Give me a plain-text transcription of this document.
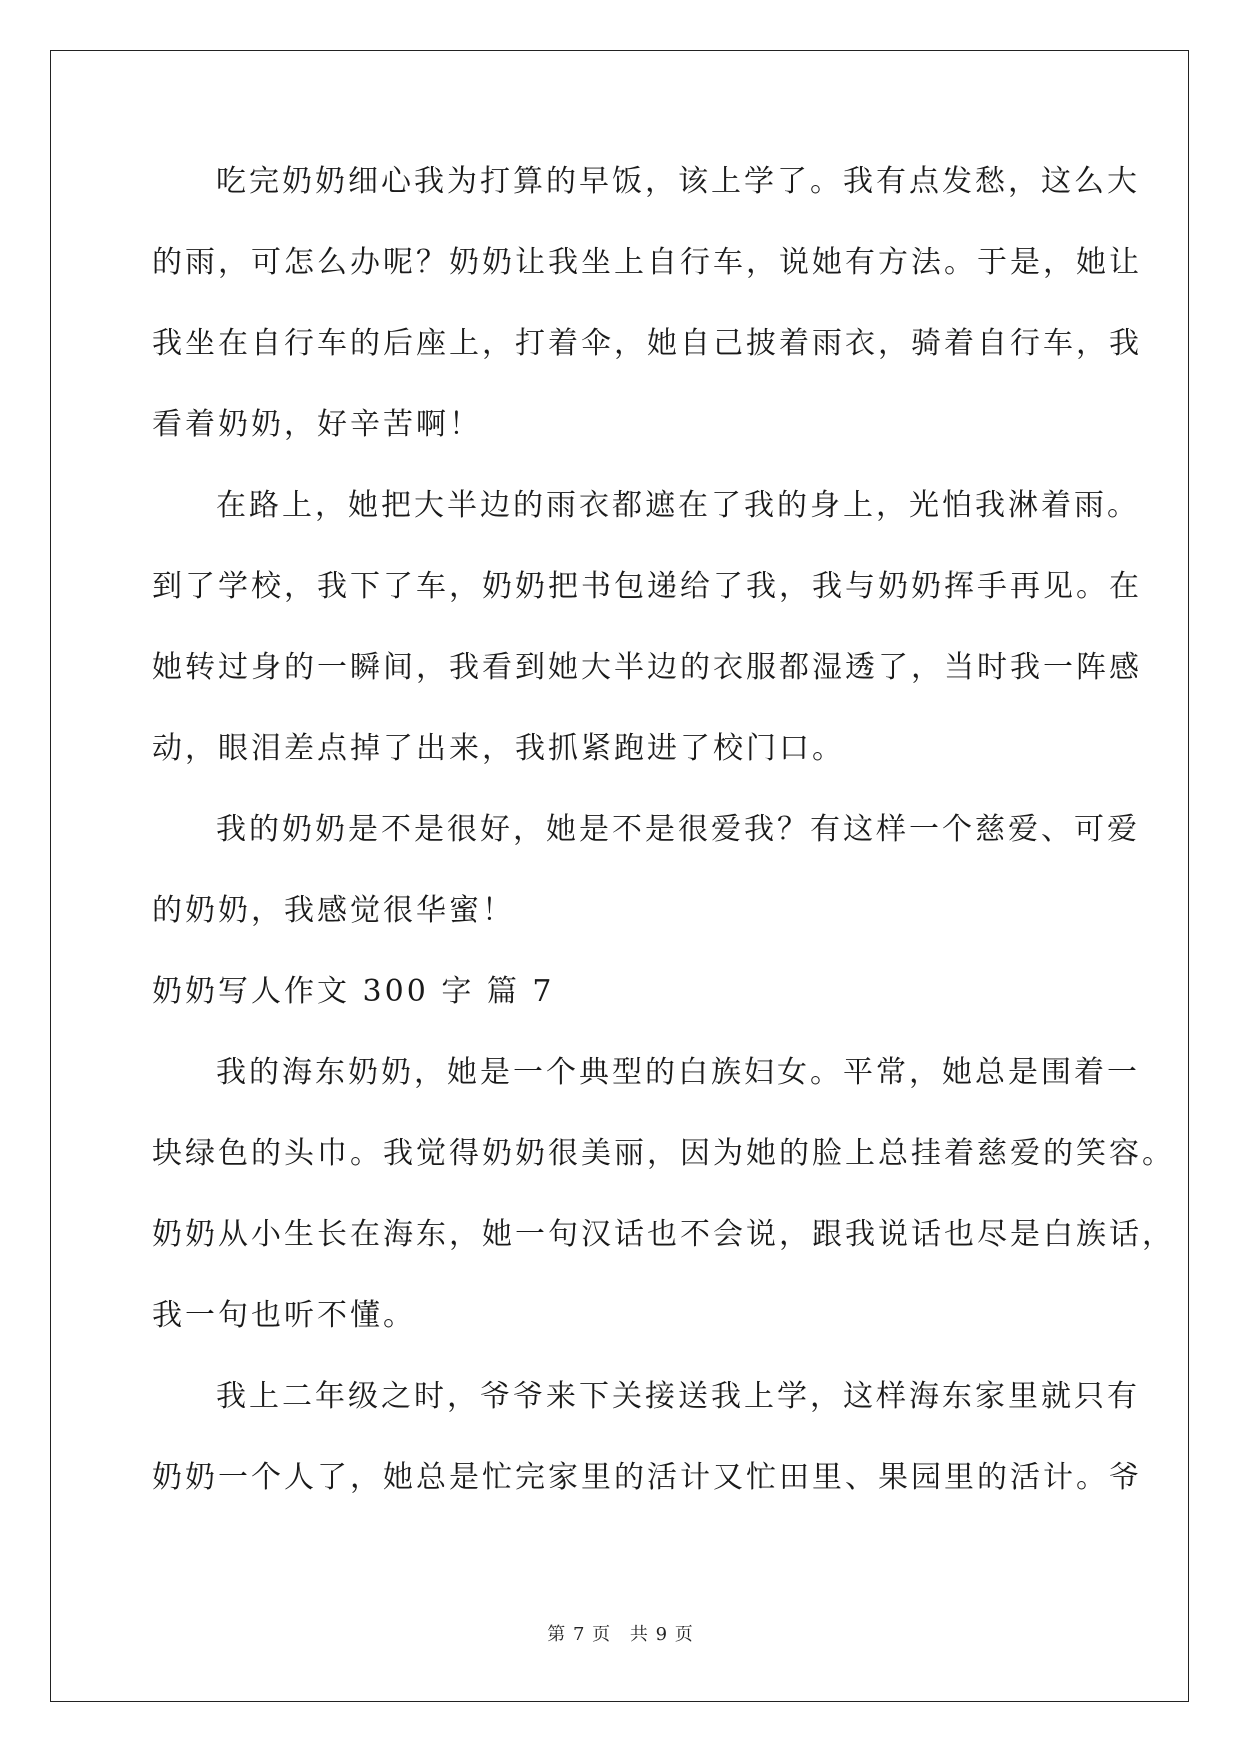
吃完奶奶细心我为打算的早饭，该上学了。我有点发愁，这么大
的雨，可怎么办呢？奶奶让我坐上自行车，说她有方法。于是，她让
我坐在自行车的后座上，打着伞，她自己披着雨衣，骑着自行车，我
看着奶奶，好辛苦啊！
在路上，她把大半边的雨衣都遮在了我的身上，光怕我淋着雨。
到了学校，我下了车，奶奶把书包递给了我，我与奶奶挥手再见。在
她转过身的一瞬间，我看到她大半边的衣服都湿透了，当时我一阵感
动，眼泪差点掉了出来，我抓紧跑进了校门口。
我的奶奶是不是很好，她是不是很爱我？有这样一个慈爱、可爱
的奶奶，我感觉很华蜜！
奶奶写人作文 300 字 篇 7
我的海东奶奶，她是一个典型的白族妇女。平常，她总是围着一
块绿色的头巾。我觉得奶奶很美丽，因为她的脸上总挂着慈爱的笑容。
奶奶从小生长在海东，她一句汉话也不会说，跟我说话也尽是白族话，
我一句也听不懂。
我上二年级之时，爷爷来下关接送我上学，这样海东家里就只有
奶奶一个人了，她总是忙完家里的活计又忙田里、果园里的活计。爷
第 7 页 共 9 页
